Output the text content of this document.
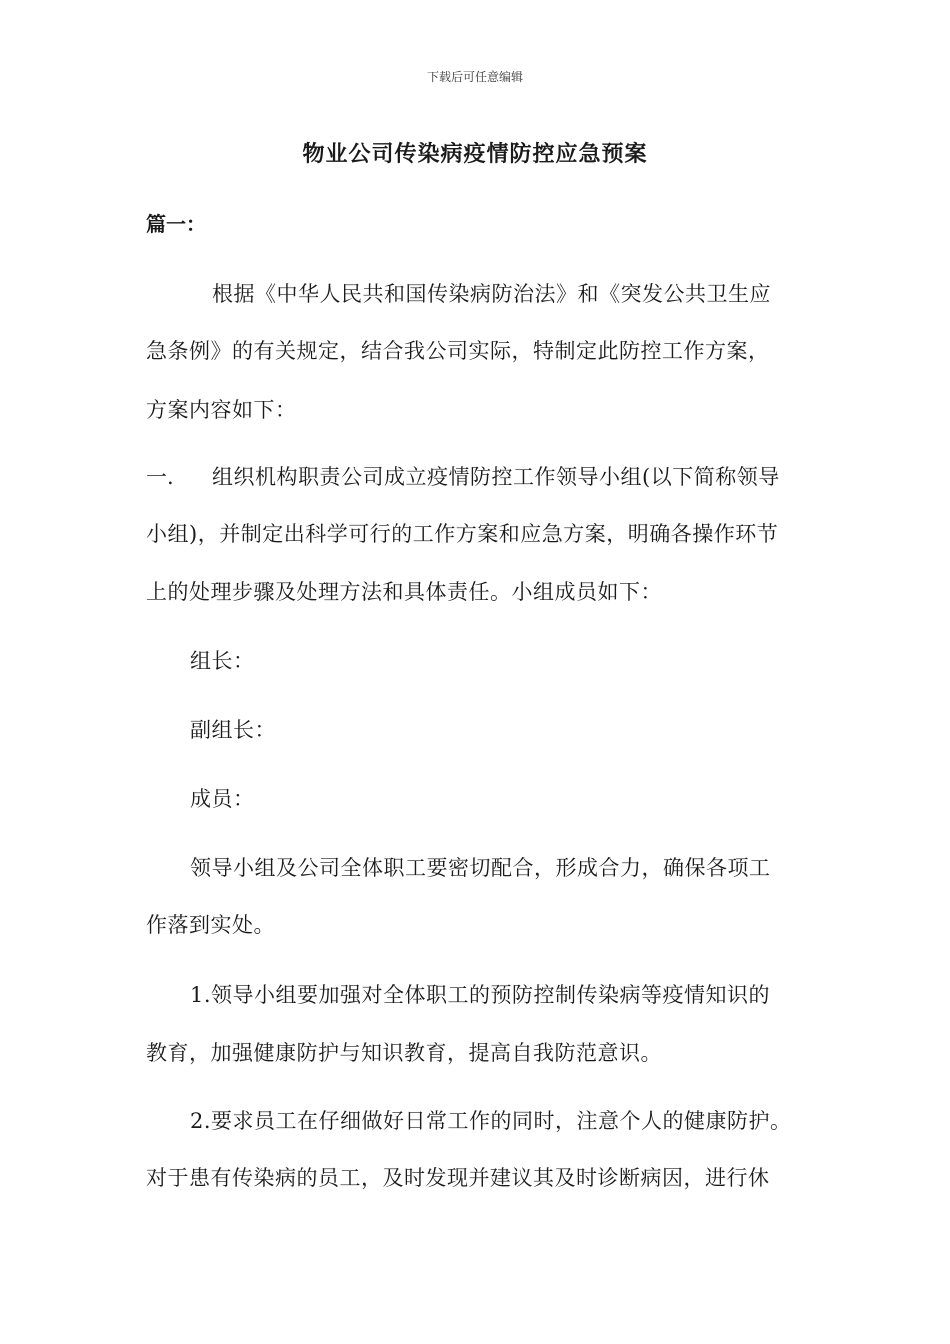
下载后可任意编辑
物业公司传染病疫情防控应急预案
篇一：
根据《中华人民共和国传染病防治法》和《突发公共卫生应
急条例》的有关规定，结合我公司实际，特制定此防控工作方案，
方案内容如下：
一. 组织机构职责公司成立疫情防控工作领导小组(以下简称领导
小组)，并制定出科学可行的工作方案和应急方案，明确各操作环节
上的处理步骤及处理方法和具体责任。小组成员如下：
组长：
副组长：
成员：
领导小组及公司全体职工要密切配合，形成合力，确保各项工
作落到实处。
1.领导小组要加强对全体职工的预防控制传染病等疫情知识的
教育，加强健康防护与知识教育，提高自我防范意识。
2.要求员工在仔细做好日常工作的同时，注意个人的健康防护。
对于患有传染病的员工，及时发现并建议其及时诊断病因，进行休
